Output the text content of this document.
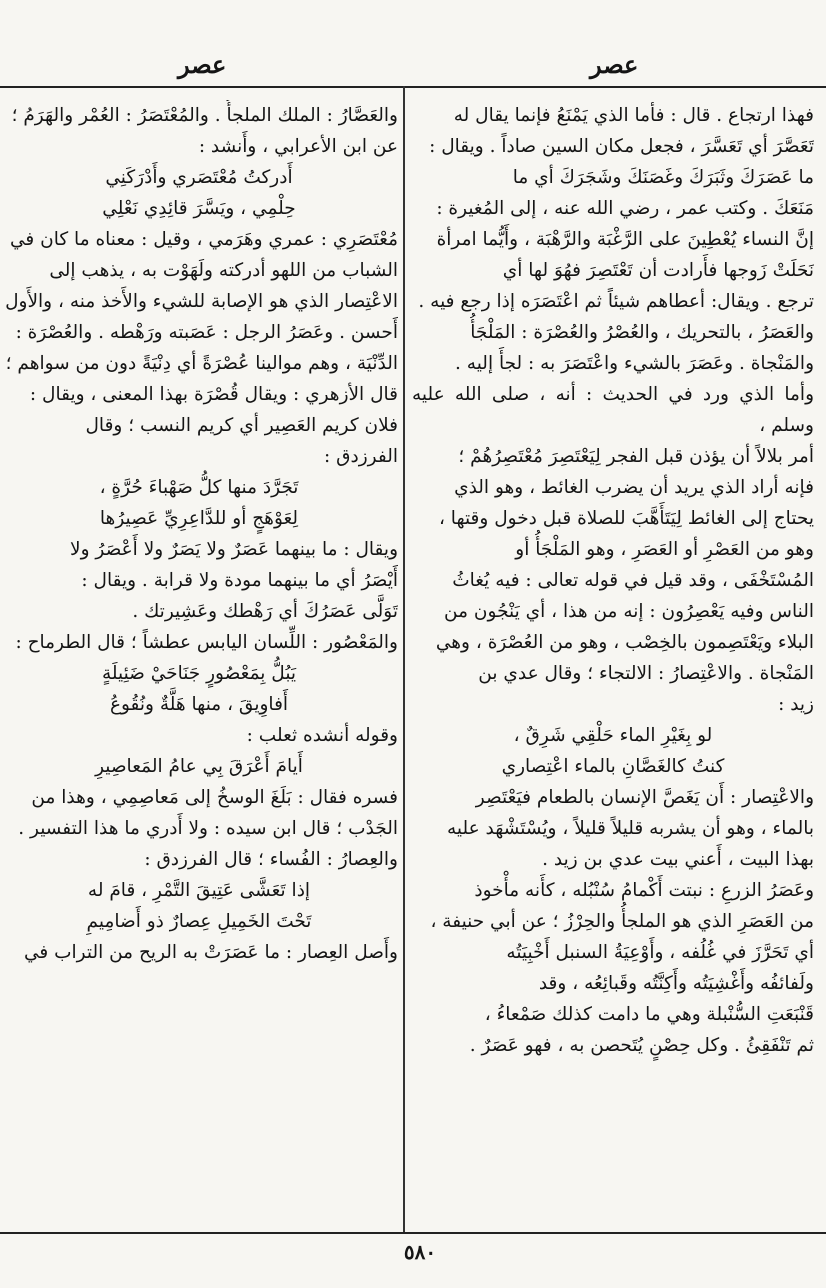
عصر
عصر

فهذا ارتجاع . قال : فأما الذي يَمْنَعُ فإنما يقال له

تَعَصَّرَ أي تَعَسَّرَ ، فجعل مكان السين صاداً . ويقال :

ما عَصَرَكَ وثَبَرَكَ وغَصَنَكَ وشَجَرَكَ أي ما

مَنَعَكَ . وكتب عمر ، رضي الله عنه ، إلى المُغيرة :

إنَّ النساء يُعْطِينَ على الرَّغْبَة والرَّهْبَة ، وأَيُّما امرأة

نَحَلَتْ زَوجها فأَرادت أن تَعْتَصِرَ فهُوَ لها أي

ترجع . ويقال: أعطاهم شيئاً ثم اعْتَصَرَه إذا رجع فيه .

والعَصَرُ ، بالتحريك ، والعُصْرُ والعُصْرَة : المَلْجَأُ

والمَنْجاة . وعَصَرَ بالشيء واعْتَصَرَ به : لجأَ إليه .

وأما الذي ورد في الحديث : أنه ، صلى الله عليه وسلم ،

أمر بلالاً أن يؤذن قبل الفجر لِيَعْتَصِرَ مُعْتَصِرُهُمْ ؛

فإنه أراد الذي يريد أن يضرب الغائط ، وهو الذي

يحتاج إلى الغائط لِيَتَأَهَّبَ للصلاة قبل دخول وقتها ،

وهو من العَصْرِ أو العَصَرِ ، وهو المَلْجَأُ أو

المُسْتَخْفَى ، وقد قيل في قوله تعالى : فيه يُغاثُ

الناس وفيه يَعْصِرُون : إنه من هذا ، أي يَنْجُون من

البلاء ويَعْتَصِمون بالخِصْب ، وهو من العُصْرَة ، وهي

المَنْجاة . والاعْتِصارُ : الالتجاء ؛ وقال عدي بن

زيد :

لو بِغَيْرِ الماء حَلْقِي شَرِقٌ ،

كنتُ كالغَصَّانِ بالماء اعْتِصاري

والاعْتِصار : أَن يَغَصَّ الإنسان بالطعام فيَعْتَصِر

بالماء ، وهو أن يشربه قليلاً قليلاً ، ويُسْتَشْهَد عليه

بهذا البيت ، أَعني بيت عدي بن زيد .

وعَصَرُ الزرعِ : نبتت أَكْمامُ سُنْبُله ، كأَنه مأْخوذ

من العَصَرِ الذي هو الملجأُ والحِرْزُ ؛ عن أبي حنيفة ،

أي تَحَرَّزَ في غُلُفه ، وأَوْعِيَةُ السنبل أَخْبِيَتُه

ولَفائفُه وأَغْشِيَتُه وأَكِنَّتُه وقَبائِعُه ، وقد

قَنْبَعَتِ السُّنْبلة وهي ما دامت كذلك صَمْعاءُ ،

ثم تَنْفَقِئُ . وكل حِصْنٍ يُتَحصن به ، فهو عَصَرٌ .

والعَصَّارُ : الملك الملجأُ . والمُعْتَصَرُ : العُمْر والهَرَمُ ؛

عن ابن الأعرابي ، وأَنشد :

أَدركتُ مُعْتَصَري وأَدْرَكَنِي

حِلْمِي ، ويَسَّرَ قائِدِي نَعْلِي

مُعْتَصَرِي : عمري وهَرَمي ، وقيل : معناه ما كان في

الشباب من اللهو أدركته ولَهَوْت به ، يذهب إلى

الاعْتِصار الذي هو الإصابة للشيء والأَخذ منه ، والأَول

أَحسن . وعَصَرُ الرجل : عَصَبته ورَهْطه . والعُصْرَة :

الدِّنْيَة ، وهم موالينا عُصْرَةً أي دِنْيَةً دون من سواهم ؛

قال الأزهري : ويقال قُصْرَة بهذا المعنى ، ويقال :

فلان كريم العَصِير أي كريم النسب ؛ وقال

الفرزدق :

تَجَرَّدَ منها كلُّ صَهْباءَ حُرَّةٍ ،

لِعَوْهَجٍ أو للدَّاعِرِيِّ عَصِيرُها

ويقال : ما بينهما عَصَرٌ ولا يَصَرٌ ولا أَعْصَرُ ولا

أَيْصَرُ أي ما بينهما مودة ولا قرابة . ويقال :

تَوَلَّى عَصَرُكَ أي رَهْطك وعَشِيرتك .

والمَعْصُور : اللِّسان اليابس عطشاً ؛ قال الطرماح :

يَبُلُّ بِمَعْصُورٍ جَنَاحَيْ ضَئِيلَةٍ

أَفاوِيقَ ، منها هَلَّةٌ ونُقُوعُ

وقوله أنشده ثعلب :

أَيامَ أَعْرَقَ بِي عامُ المَعاصِيرِ

فسره فقال : بَلَغَ الوسخُ إلى مَعاصِمِي ، وهذا من

الجَدْب ؛ قال ابن سيده : ولا أَدري ما هذا التفسير .

والعِصارُ : الفُساء ؛ قال الفرزدق :

إذا تَعَشَّى عَتِيقَ التَّمْرِ ، قامَ له

تَحْتَ الخَمِيلِ عِصارٌ ذو أَضامِيمِ

وأَصل العِصار : ما عَصَرَتْ به الريح من التراب في

٥٨٠
